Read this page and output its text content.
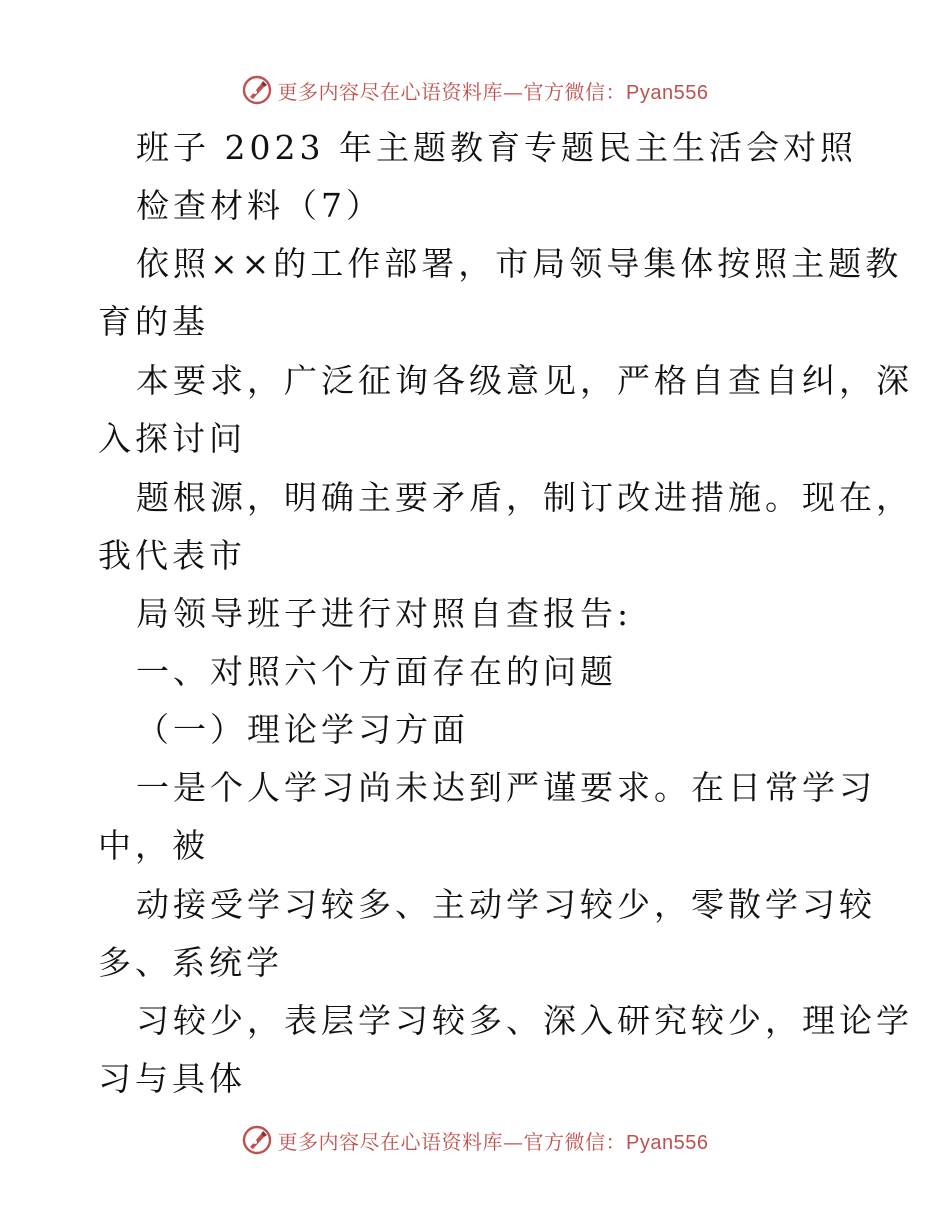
更多内容尽在心语资料库—官方微信：Pyan556
班子 2023 年主题教育专题民主生活会对照
检查材料（7）
依照××的工作部署，市局领导集体按照主题教
育的基
本要求，广泛征询各级意见，严格自查自纠，深
入探讨问
题根源，明确主要矛盾，制订改进措施。现在，
我代表市
局领导班子进行对照自查报告:
一、对照六个方面存在的问题
（一）理论学习方面
一是个人学习尚未达到严谨要求。在日常学习
中，被
动接受学习较多、主动学习较少，零散学习较
多、系统学
习较少，表层学习较多、深入研究较少，理论学
习与具体
更多内容尽在心语资料库—官方微信：Pyan556
